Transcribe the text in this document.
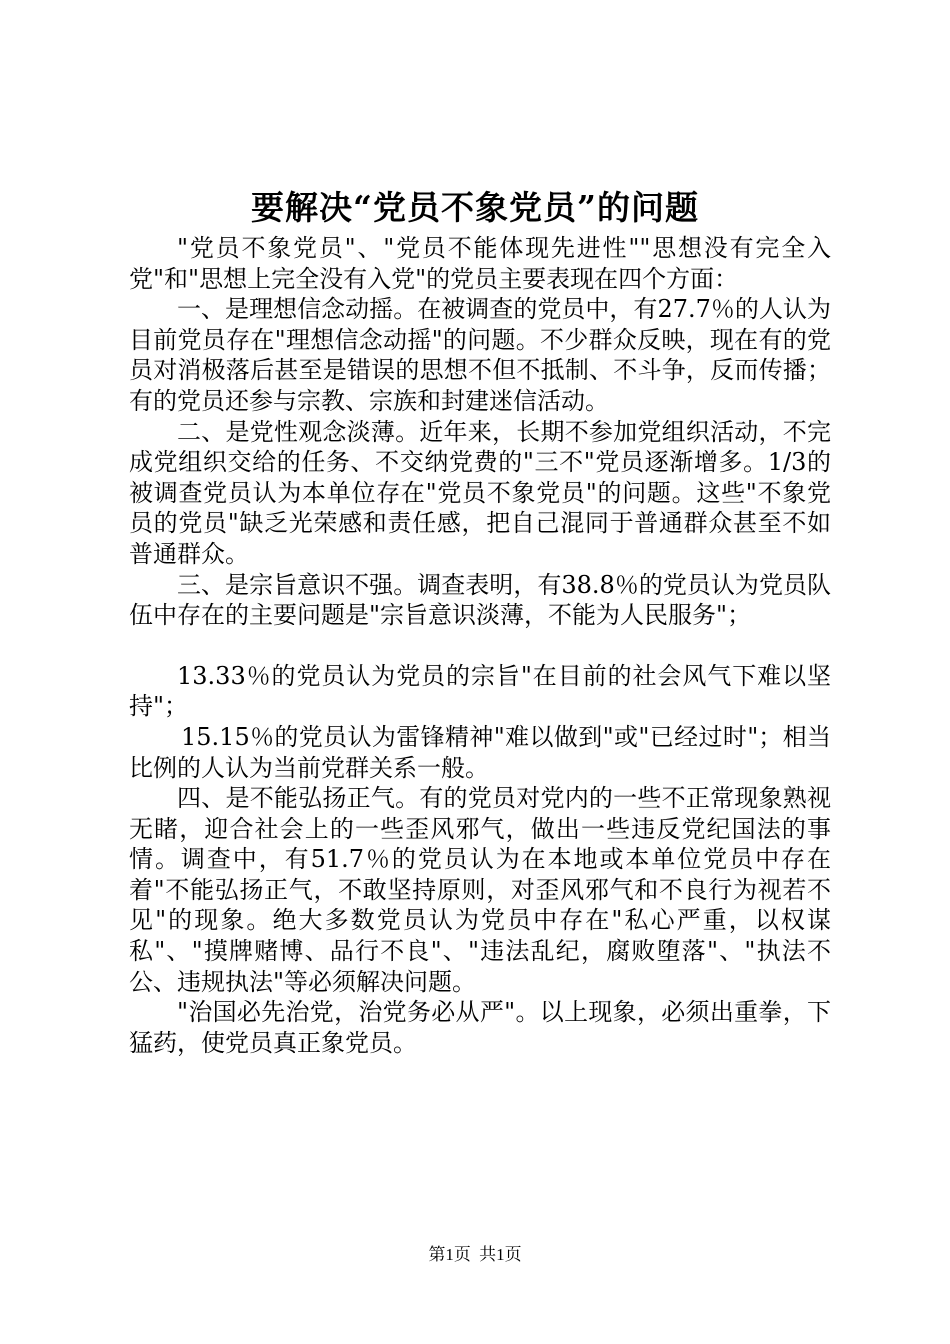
要解决“党员不象党员”的问题

"党员不象党员"、"党员不能体现先进性""思想没有完全入党"和"思想上完全没有入党"的党员主要表现在四个方面：

一、是理想信念动摇。在被调查的党员中，有27.7％的人认为目前党员存在"理想信念动摇"的问题。不少群众反映，现在有的党员对消极落后甚至是错误的思想不但不抵制、不斗争，反而传播；有的党员还参与宗教、宗族和封建迷信活动。

二、是党性观念淡薄。近年来，长期不参加党组织活动，不完成党组织交给的任务、不交纳党费的"三不"党员逐渐增多。1/3的被调查党员认为本单位存在"党员不象党员"的问题。这些"不象党员的党员"缺乏光荣感和责任感，把自己混同于普通群众甚至不如普通群众。

三、是宗旨意识不强。调查表明，有38.8％的党员认为党员队伍中存在的主要问题是"宗旨意识淡薄，不能为人民服务"；

13.33％的党员认为党员的宗旨"在目前的社会风气下难以坚持"；

15.15％的党员认为雷锋精神"难以做到"或"已经过时"；相当比例的人认为当前党群关系一般。

四、是不能弘扬正气。有的党员对党内的一些不正常现象熟视无睹，迎合社会上的一些歪风邪气，做出一些违反党纪国法的事情。调查中，有51.7％的党员认为在本地或本单位党员中存在着"不能弘扬正气，不敢坚持原则，对歪风邪气和不良行为视若不见"的现象。绝大多数党员认为党员中存在"私心严重，以权谋私"、"摸牌赌博、品行不良"、"违法乱纪，腐败堕落"、"执法不公、违规执法"等必须解决问题。

"治国必先治党，治党务必从严"。以上现象，必须出重拳，下猛药，使党员真正象党员。

第1页 共1页
